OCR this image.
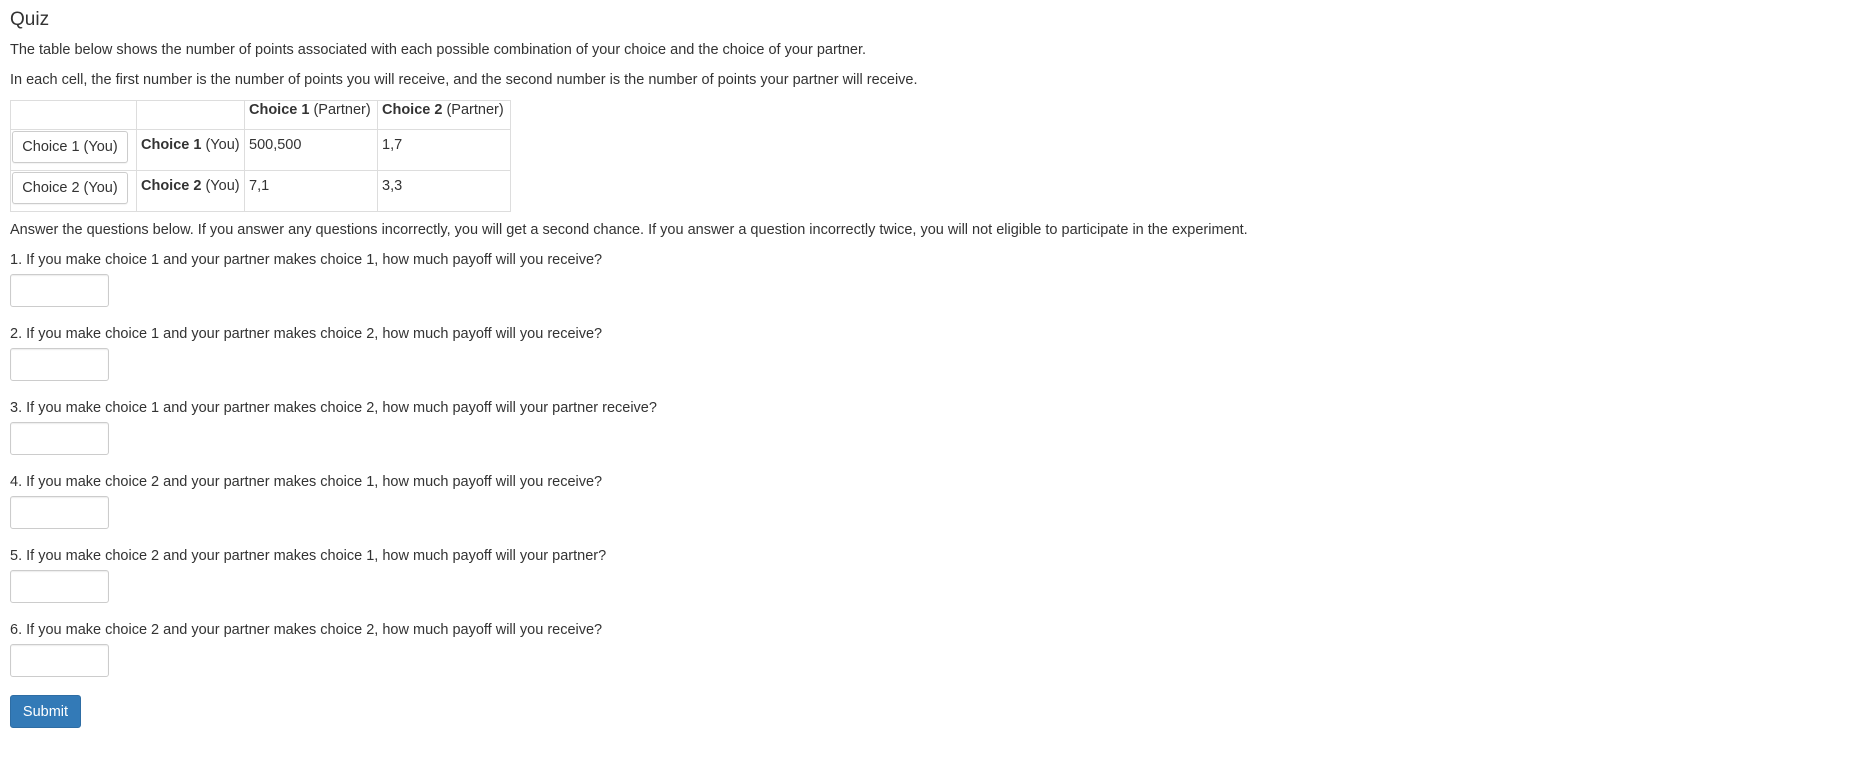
Quiz

The table below shows the number of points associated with each possible combination of your choice and the choice of your partner.

In each cell, the first number is the number of points you will receive, and the second number is the number of points your partner will receive.

		Choice 1 (Partner)	Choice 2 (Partner)
Choice 1 (You)	Choice 1 (You)	500,500	1,7
Choice 2 (You)	Choice 2 (You)	7,1	3,3

Answer the questions below. If you answer any questions incorrectly, you will get a second chance. If you answer a question incorrectly twice, you will not eligible to participate in the experiment.

1. If you make choice 1 and your partner makes choice 1, how much payoff will you receive?
2. If you make choice 1 and your partner makes choice 2, how much payoff will you receive?
3. If you make choice 1 and your partner makes choice 2, how much payoff will your partner receive?
4. If you make choice 2 and your partner makes choice 1, how much payoff will you receive?
5. If you make choice 2 and your partner makes choice 1, how much payoff will your partner?
6. If you make choice 2 and your partner makes choice 2, how much payoff will you receive?
Submit
